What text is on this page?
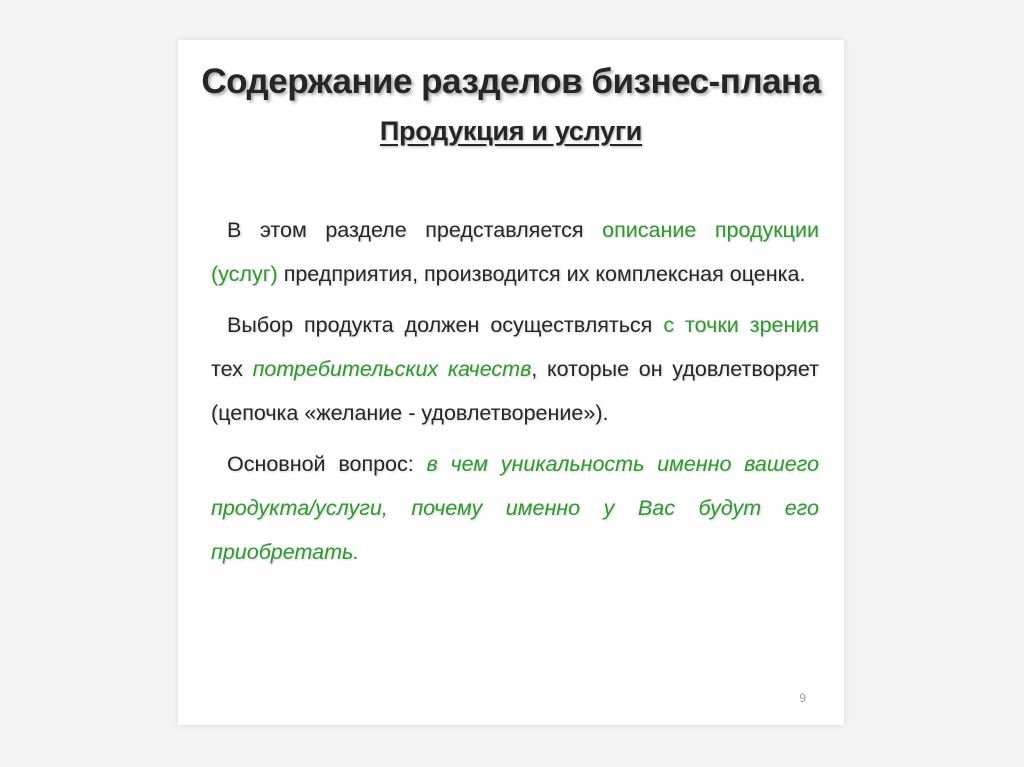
Содержание разделов бизнес-плана
Продукция и услуги

В этом разделе представляется описание продукции (услуг) предприятия, производится их комплексная оценка.

Выбор продукта должен осуществляться с точки зрения тех потребительских качеств, которые он удовлетворяет (цепочка «желание - удовлетворение»).

Основной вопрос: в чем уникальность именно вашего продукта/услуги, почему именно у Вас будут его приобретать.

9
